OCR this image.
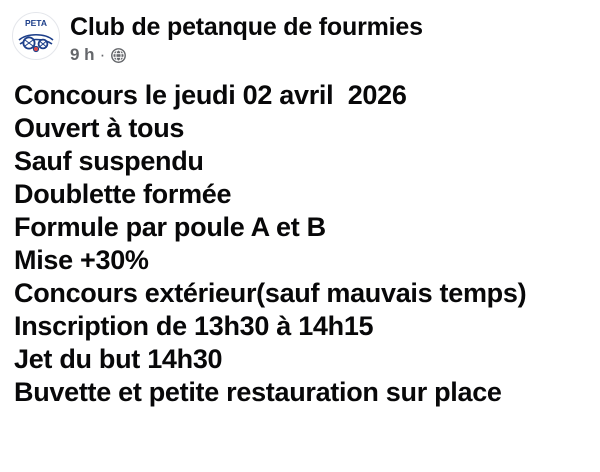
PETA Club de petanque de fourmies
9 h ·
Concours le jeudi 02 avril  2026
Ouvert à tous
Sauf suspendu
Doublette formée
Formule par poule A et B
Mise +30%
Concours extérieur(sauf mauvais temps)
Inscription de 13h30 à 14h15
Jet du but 14h30
Buvette et petite restauration sur place
